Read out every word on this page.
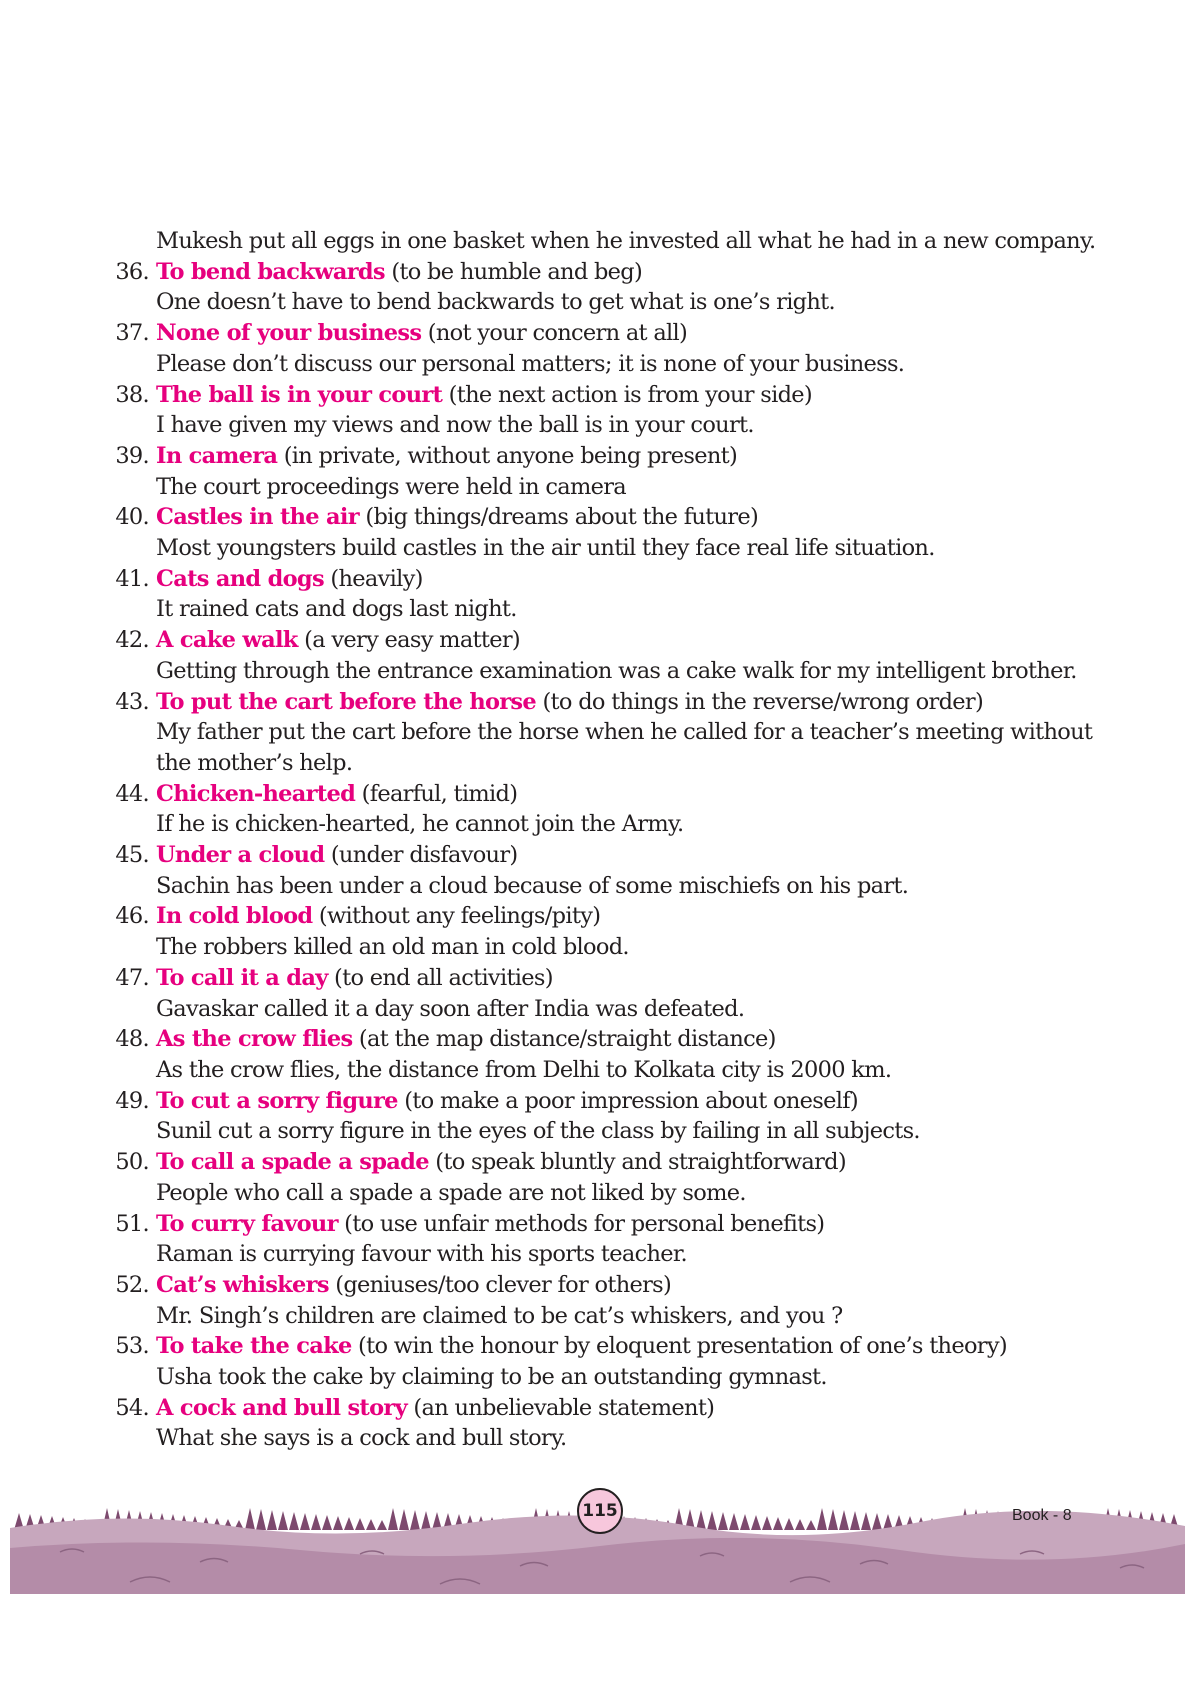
Mukesh put all eggs in one basket when he invested all what he had in a new company.
36. To bend backwards (to be humble and beg)
One doesn’t have to bend backwards to get what is one’s right.
37. None of your business (not your concern at all)
Please don’t discuss our personal matters; it is none of your business.
38. The ball is in your court (the next action is from your side)
I have given my views and now the ball is in your court.
39. In camera (in private, without anyone being present)
The court proceedings were held in camera
40. Castles in the air (big things/dreams about the future)
Most youngsters build castles in the air until they face real life situation.
41. Cats and dogs (heavily)
It rained cats and dogs last night.
42. A cake walk (a very easy matter)
Getting through the entrance examination was a cake walk for my intelligent brother.
43. To put the cart before the horse (to do things in the reverse/wrong order)
My father put the cart before the horse when he called for a teacher’s meeting without the mother’s help.
44. Chicken-hearted (fearful, timid)
If he is chicken-hearted, he cannot join the Army.
45. Under a cloud (under disfavour)
Sachin has been under a cloud because of some mischiefs on his part.
46. In cold blood (without any feelings/pity)
The robbers killed an old man in cold blood.
47. To call it a day (to end all activities)
Gavaskar called it a day soon after India was defeated.
48. As the crow flies (at the map distance/straight distance)
As the crow flies, the distance from Delhi to Kolkata city is 2000 km.
49. To cut a sorry figure (to make a poor impression about oneself)
Sunil cut a sorry figure in the eyes of the class by failing in all subjects.
50. To call a spade a spade (to speak bluntly and straightforward)
People who call a spade a spade are not liked by some.
51. To curry favour (to use unfair methods for personal benefits)
Raman is currying favour with his sports teacher.
52. Cat’s whiskers (geniuses/too clever for others)
Mr. Singh’s children are claimed to be cat’s whiskers, and you ?
53. To take the cake (to win the honour by eloquent presentation of one’s theory)
Usha took the cake by claiming to be an outstanding gymnast.
54. A cock and bull story (an unbelievable statement)
What she says is a cock and bull story.
115	Book - 8
